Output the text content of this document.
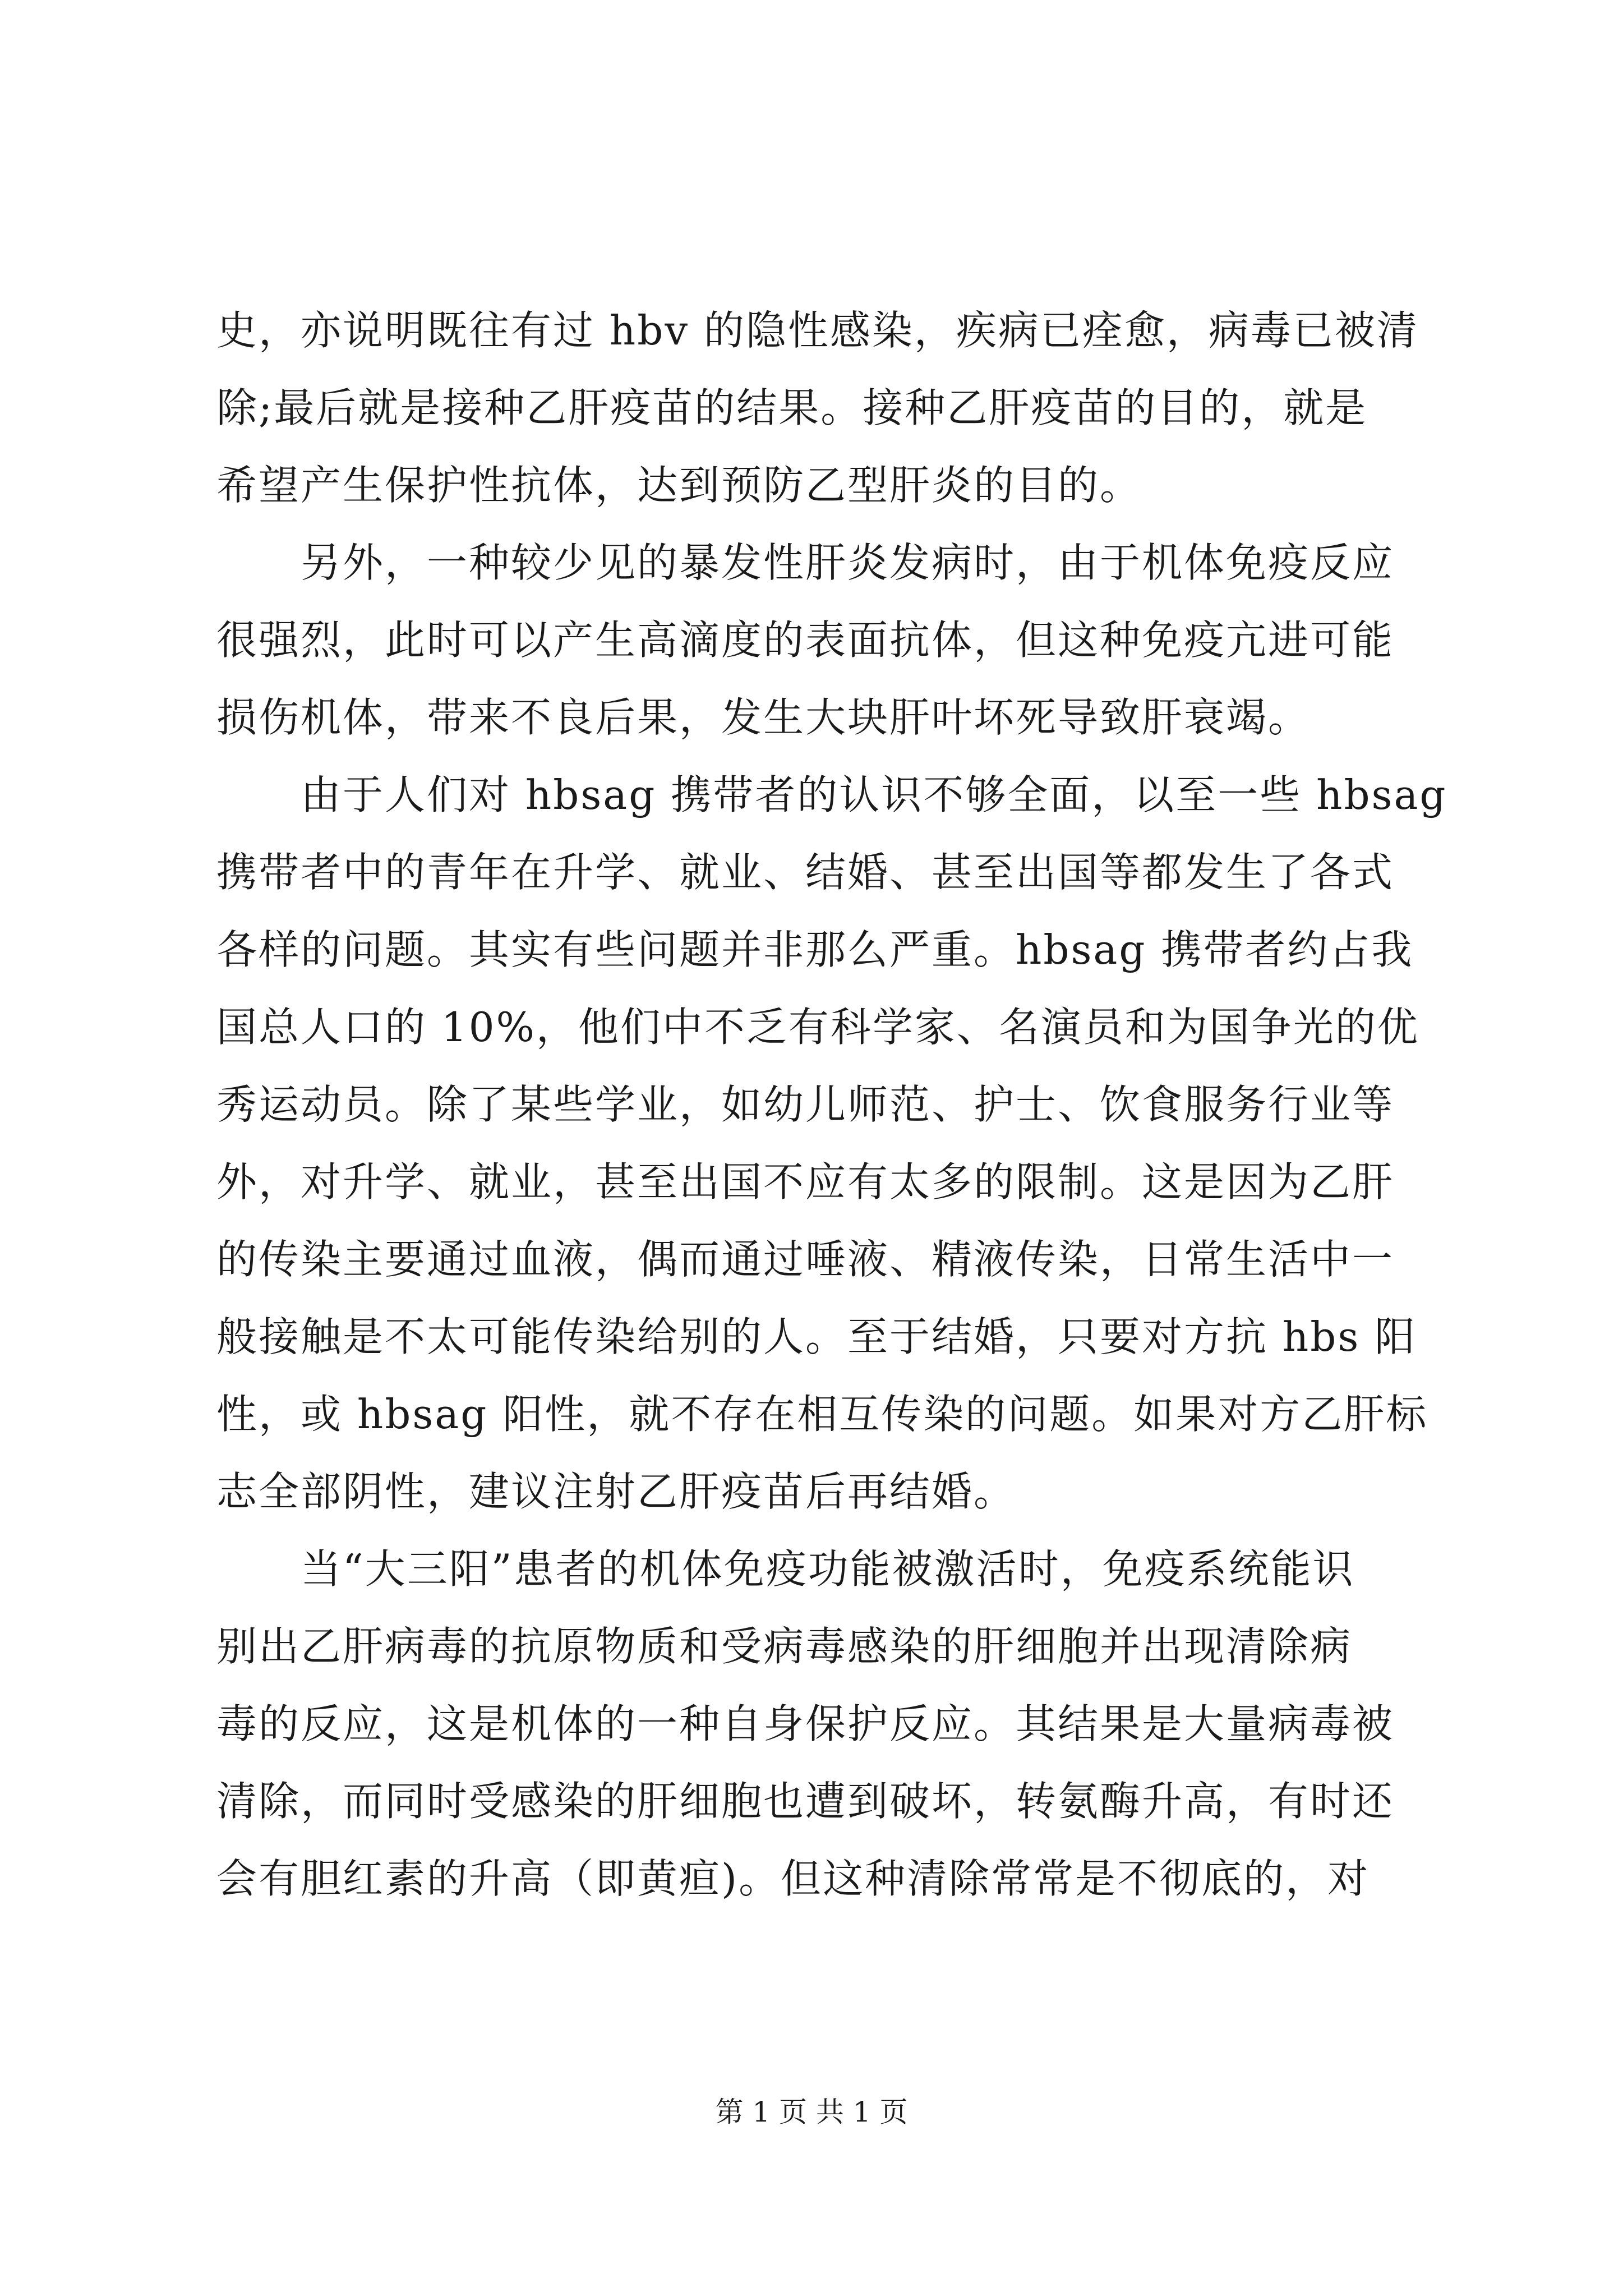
史，亦说明既往有过 hbv 的隐性感染，疾病已痊愈，病毒已被清
除;最后就是接种乙肝疫苗的结果。接种乙肝疫苗的目的，就是
希望产生保护性抗体，达到预防乙型肝炎的目的。
　　另外，一种较少见的暴发性肝炎发病时，由于机体免疫反应
很强烈，此时可以产生高滴度的表面抗体，但这种免疫亢进可能
损伤机体，带来不良后果，发生大块肝叶坏死导致肝衰竭。
　　由于人们对 hbsag 携带者的认识不够全面，以至一些 hbsag
携带者中的青年在升学、就业、结婚、甚至出国等都发生了各式
各样的问题。其实有些问题并非那么严重。hbsag 携带者约占我
国总人口的 10%，他们中不乏有科学家、名演员和为国争光的优
秀运动员。除了某些学业，如幼儿师范、护士、饮食服务行业等
外，对升学、就业，甚至出国不应有太多的限制。这是因为乙肝
的传染主要通过血液，偶而通过唾液、精液传染，日常生活中一
般接触是不太可能传染给别的人。至于结婚，只要对方抗 hbs 阳
性，或 hbsag 阳性，就不存在相互传染的问题。如果对方乙肝标
志全部阴性，建议注射乙肝疫苗后再结婚。
　　当“大三阳”患者的机体免疫功能被激活时，免疫系统能识
别出乙肝病毒的抗原物质和受病毒感染的肝细胞并出现清除病
毒的反应，这是机体的一种自身保护反应。其结果是大量病毒被
清除，而同时受感染的肝细胞也遭到破坏，转氨酶升高，有时还
会有胆红素的升高（即黄疸)。但这种清除常常是不彻底的，对
第 1 页 共 1 页
